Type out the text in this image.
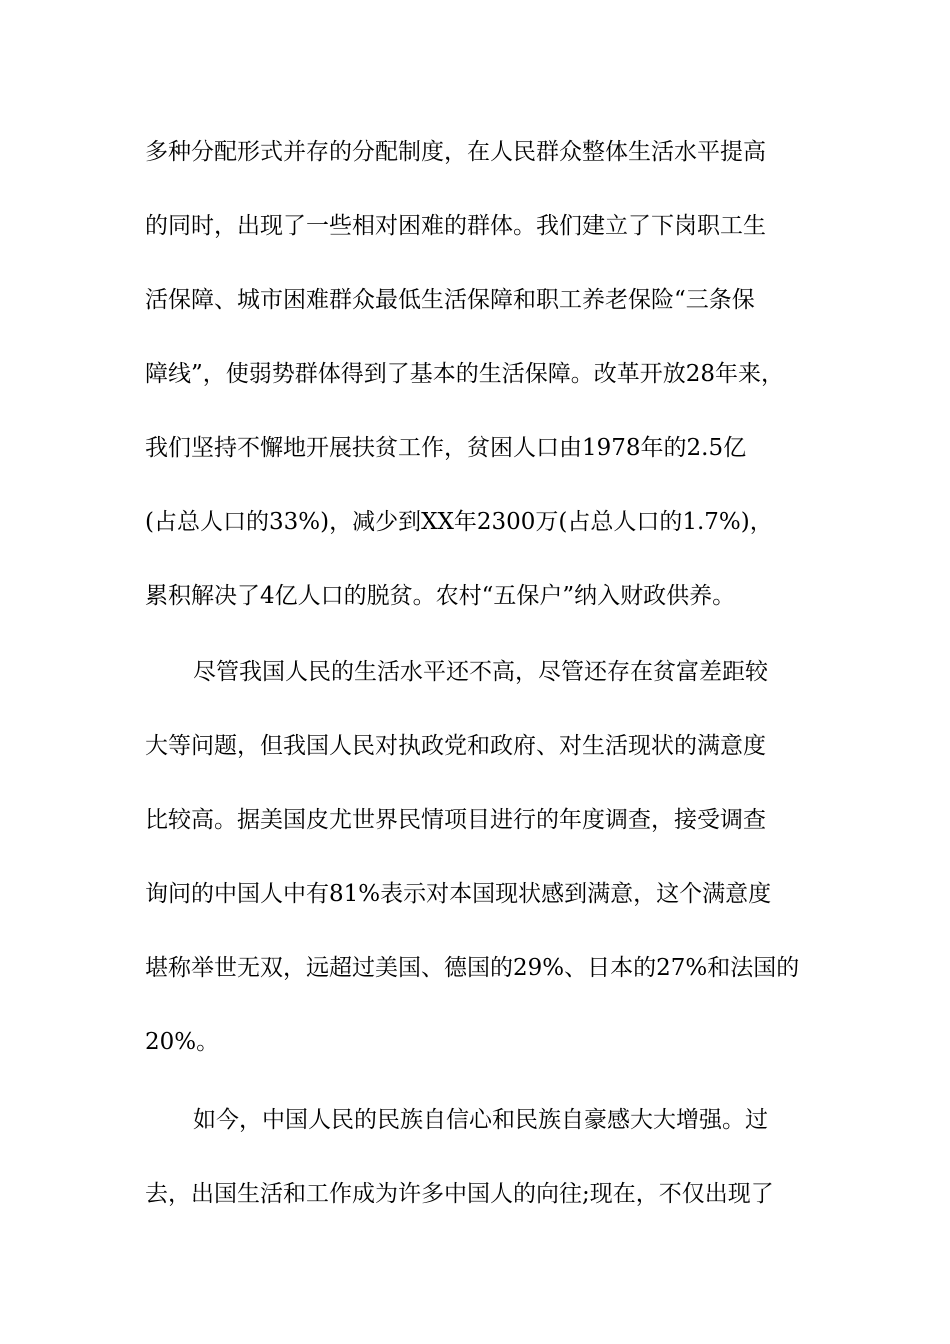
多种分配形式并存的分配制度，在人民群众整体生活水平提高
的同时，出现了一些相对困难的群体。我们建立了下岗职工生
活保障、城市困难群众最低生活保障和职工养老保险“三条保
障线”，使弱势群体得到了基本的生活保障。改革开放28年来，
我们坚持不懈地开展扶贫工作，贫困人口由1978年的2.5亿
(占总人口的33%)，减少到XX年2300万(占总人口的1.7%)，
累积解决了4亿人口的脱贫。农村“五保户”纳入财政供养。
尽管我国人民的生活水平还不高，尽管还存在贫富差距较
大等问题，但我国人民对执政党和政府、对生活现状的满意度
比较高。据美国皮尤世界民情项目进行的年度调查，接受调查
询问的中国人中有81%表示对本国现状感到满意，这个满意度
堪称举世无双，远超过美国、德国的29%、日本的27%和法国的
20%。
如今，中国人民的民族自信心和民族自豪感大大增强。过
去，出国生活和工作成为许多中国人的向往;现在，不仅出现了
